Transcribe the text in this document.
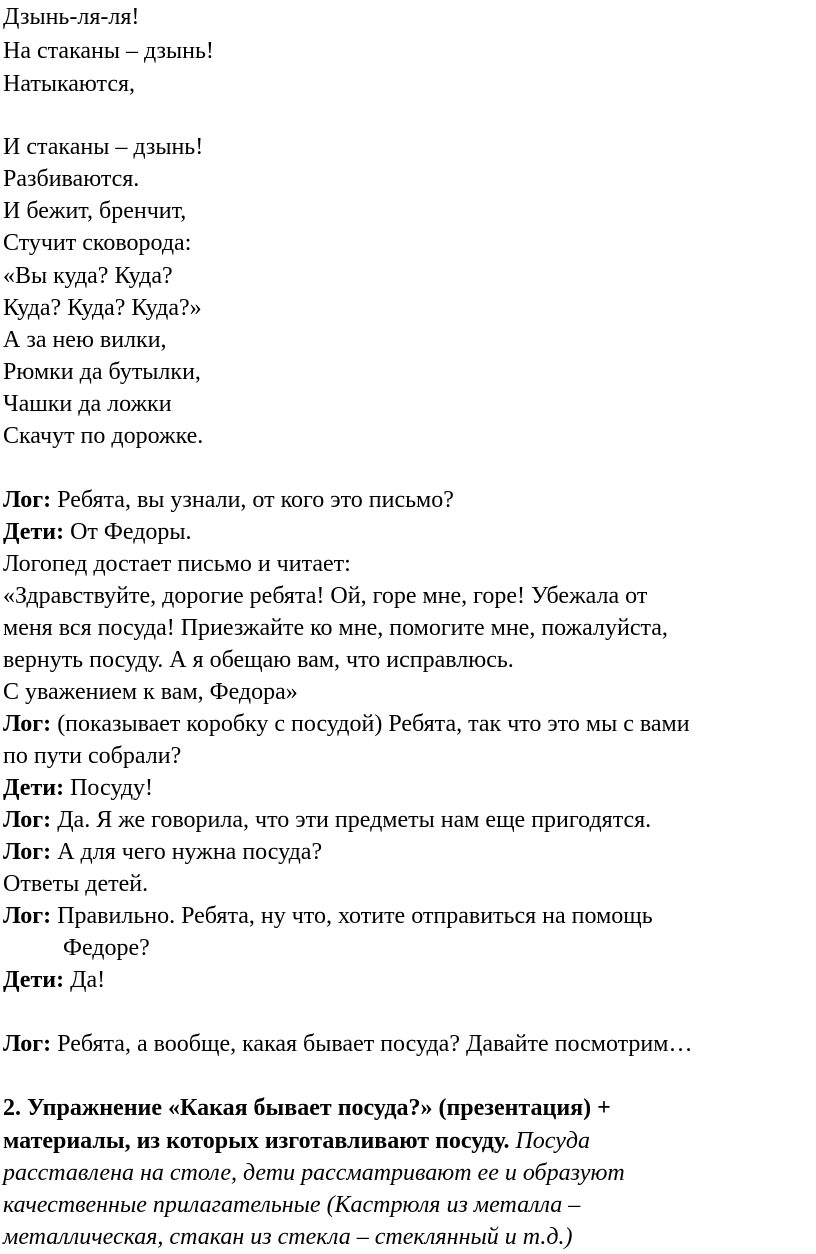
Дзынь-ля-ля!
На стаканы – дзынь!
Натыкаются,
И стаканы – дзынь!
Разбиваются.
И бежит, бренчит,
Стучит сковорода:
«Вы куда? Куда?
Куда? Куда? Куда?»
А за нею вилки,
Рюмки да бутылки,
Чашки да ложки
Скачут по дорожке.
Лог: Ребята, вы узнали, от кого это письмо?
Дети: От Федоры.
Логопед достает письмо и читает:
«Здравствуйте, дорогие ребята! Ой, горе мне, горе! Убежала от
меня вся посуда! Приезжайте ко мне, помогите мне, пожалуйста,
вернуть посуду. А я обещаю вам, что исправлюсь.
С уважением к вам, Федора»
Лог: (показывает коробку с посудой) Ребята, так что это мы с вами
по пути собрали?
Дети: Посуду!
Лог: Да. Я же говорила, что эти предметы нам еще пригодятся.
Лог: А для чего нужна посуда?
Ответы детей.
Лог: Правильно. Ребята, ну что, хотите отправиться на помощь
Федоре?
Дети: Да!
Лог: Ребята, а вообще, какая бывает посуда? Давайте посмотрим…
2. Упражнение «Какая бывает посуда?» (презентация) +
материалы, из которых изготавливают посуду. Посуда
расставлена на столе, дети рассматривают ее и образуют
качественные прилагательные (Кастрюля из металла –
металлическая, стакан из стекла – стеклянный и т.д.)
